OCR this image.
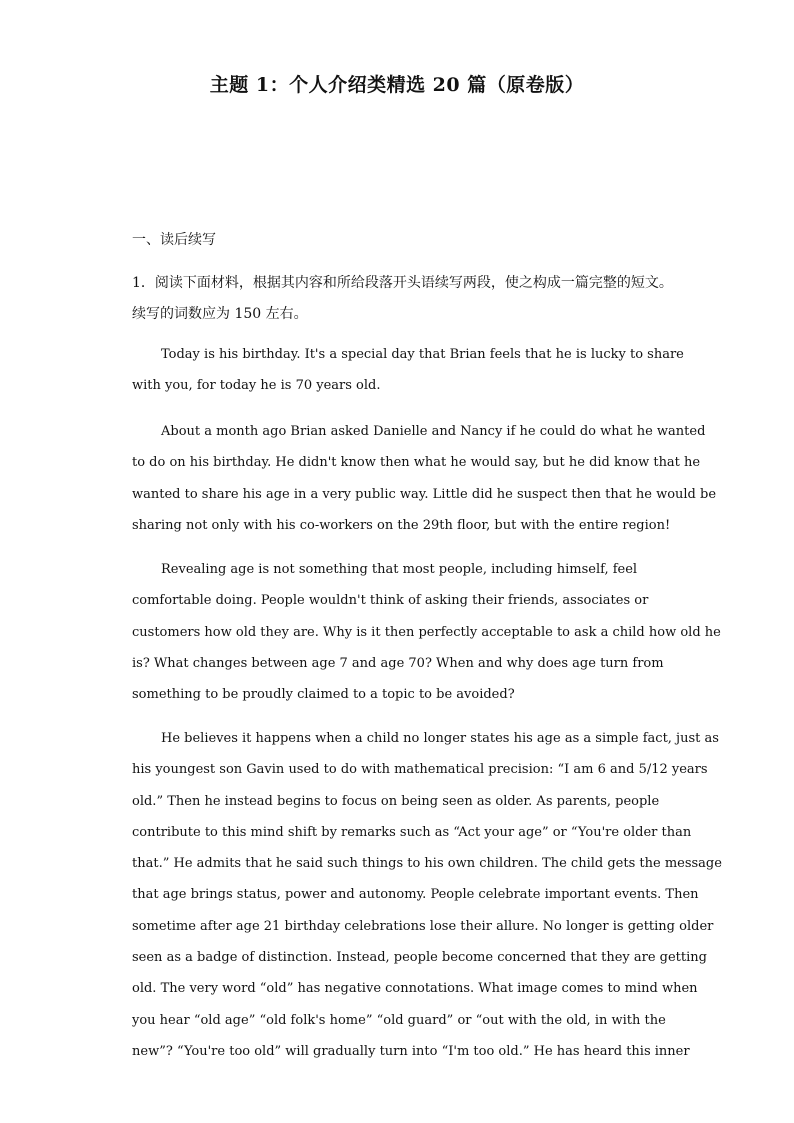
主题 1：个人介绍类精选 20 篇（原卷版）
一、读后续写
1．阅读下面材料，根据其内容和所给段落开头语续写两段，使之构成一篇完整的短文。
续写的词数应为 150 左右。
Today is his birthday. It's a special day that Brian feels that he is lucky to share
with you, for today he is 70 years old.
About a month ago Brian asked Danielle and Nancy if he could do what he wanted
to do on his birthday. He didn't know then what he would say, but he did know that he
wanted to share his age in a very public way. Little did he suspect then that he would be
sharing not only with his co-workers on the 29th floor, but with the entire region!
Revealing age is not something that most people, including himself, feel
comfortable doing. People wouldn't think of asking their friends, associates or
customers how old they are. Why is it then perfectly acceptable to ask a child how old he
is? What changes between age 7 and age 70? When and why does age turn from
something to be proudly claimed to a topic to be avoided?
He believes it happens when a child no longer states his age as a simple fact, just as
his youngest son Gavin used to do with mathematical precision: “I am 6 and 5/12 years
old.” Then he instead begins to focus on being seen as older. As parents, people
contribute to this mind shift by remarks such as “Act your age” or “You're older than
that.” He admits that he said such things to his own children. The child gets the message
that age brings status, power and autonomy. People celebrate important events. Then
sometime after age 21 birthday celebrations lose their allure. No longer is getting older
seen as a badge of distinction. Instead, people become concerned that they are getting
old. The very word “old” has negative connotations. What image comes to mind when
you hear “old age” “old folk's home” “old guard” or “out with the old, in with the
new”? “You're too old” will gradually turn into “I'm too old.” He has heard this inner
